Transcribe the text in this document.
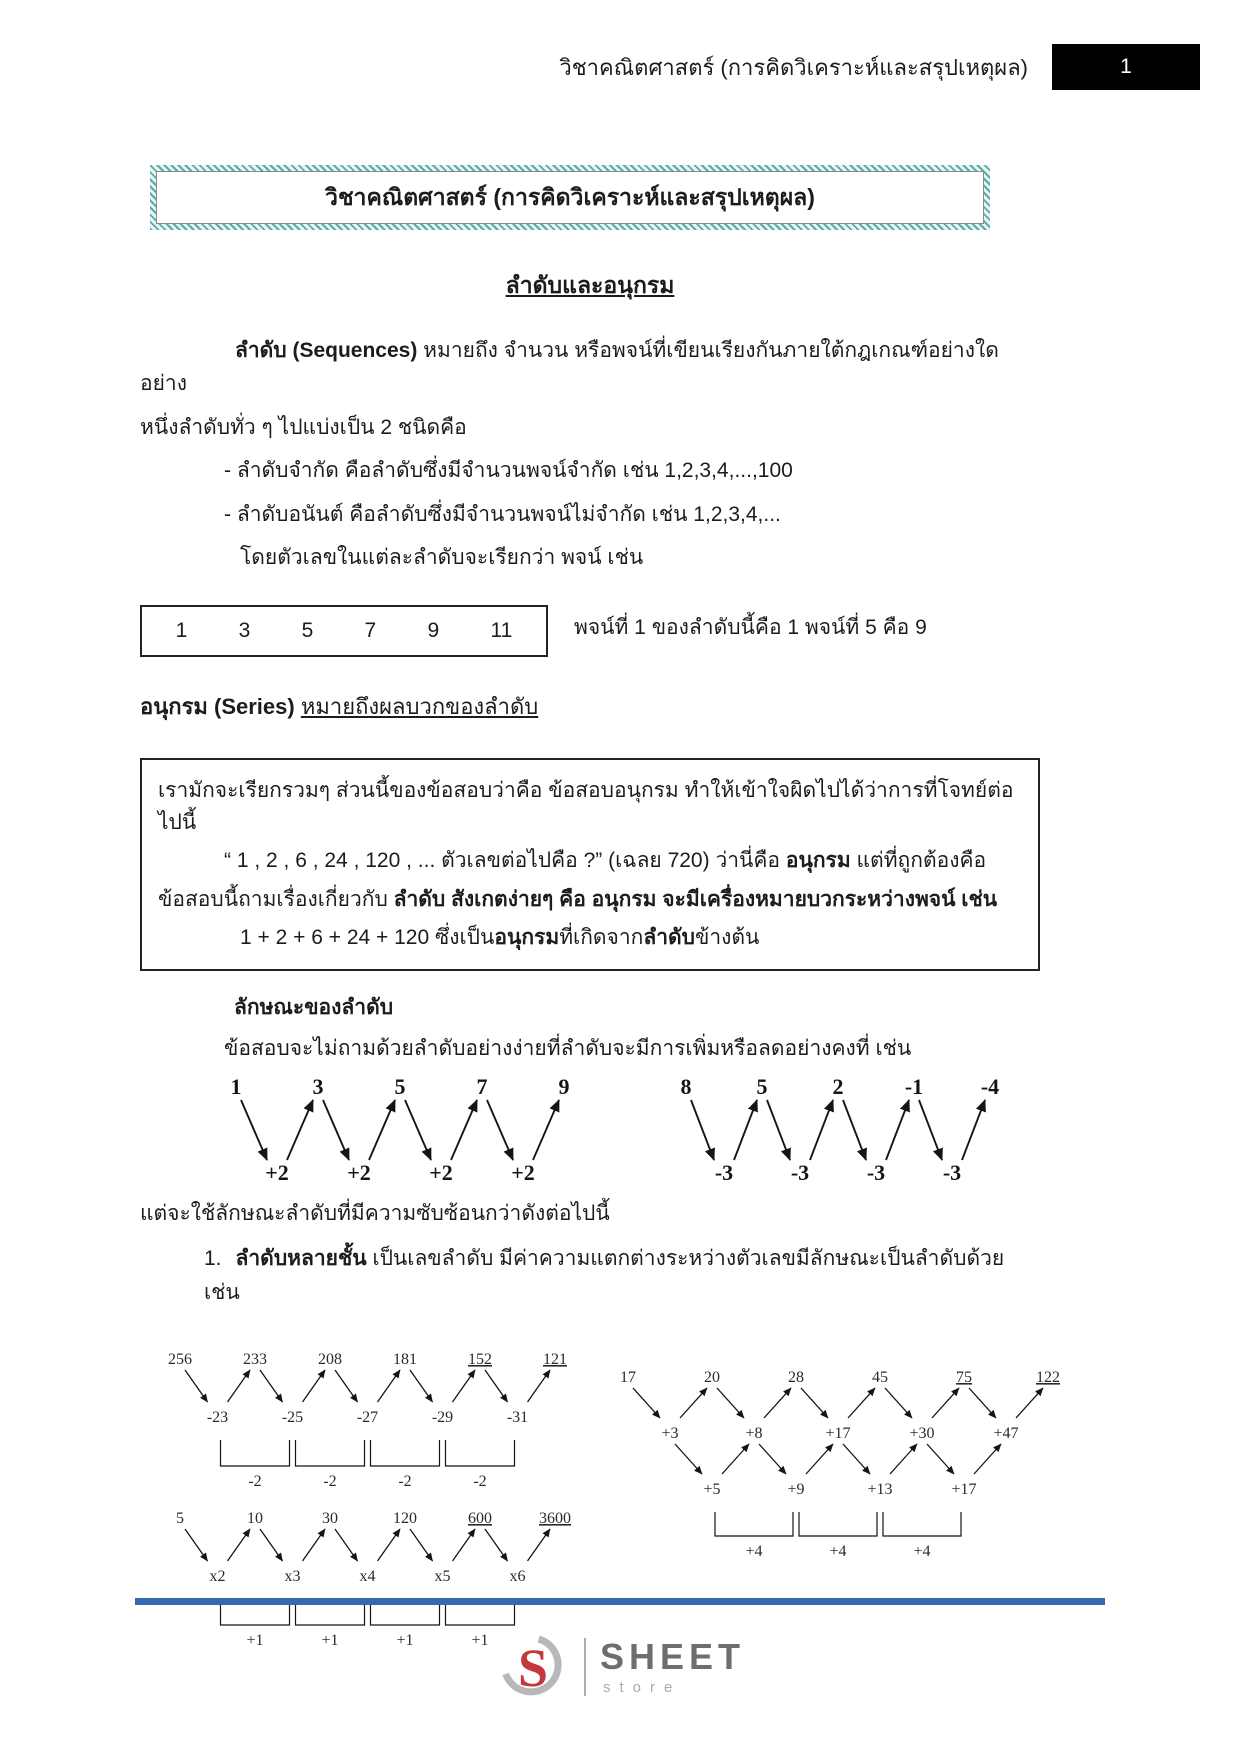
วิชาคณิตศาสตร์ (การคิดวิเคราะห์และสรุปเหตุผล)	1
วิชาคณิตศาสตร์ (การคิดวิเคราะห์และสรุปเหตุผล)
ลำดับและอนุกรม
ลำดับ (Sequences) หมายถึง จำนวน หรือพจน์ที่เขียนเรียงกันภายใต้กฎเกณฑ์อย่างใดอย่าง
หนึ่งลำดับทั่ว ๆ ไปแบ่งเป็น 2 ชนิดคือ
- ลำดับจำกัด คือลำดับซึ่งมีจำนวนพจน์จำกัด เช่น 1,2,3,4,...,100
- ลำดับอนันต์ คือลำดับซึ่งมีจำนวนพจน์ไม่จำกัด เช่น 1,2,3,4,...
โดยตัวเลขในแต่ละลำดับจะเรียกว่า พจน์ เช่น
1 3 5 7 9 11	พจน์ที่ 1 ของลำดับนี้คือ 1 พจน์ที่ 5 คือ 9
อนุกรม (Series) หมายถึงผลบวกของลำดับ
เรามักจะเรียกรวมๆ ส่วนนี้ของข้อสอบว่าคือ ข้อสอบอนุกรม ทำให้เข้าใจผิดไปได้ว่าการที่โจทย์ต่อไปนี้
“ 1 , 2 , 6 , 24 , 120 , ... ตัวเลขต่อไปคือ ?” (เฉลย 720) ว่านี่คือ อนุกรม แต่ที่ถูกต้องคือ
ข้อสอบนี้ถามเรื่องเกี่ยวกับ ลำดับ สังเกตง่ายๆ คือ อนุกรม จะมีเครื่องหมายบวกระหว่างพจน์ เช่น
1 + 2 + 6 + 24 + 120 ซึ่งเป็นอนุกรมที่เกิดจากลำดับข้างต้น
ลักษณะของลำดับ
ข้อสอบจะไม่ถามด้วยลำดับอย่างง่ายที่ลำดับจะมีการเพิ่มหรือลดอย่างคงที่ เช่น
1	3	5	7	9
+2	+2	+2	+2
8	5	2	-1	-4
-3	-3	-3	-3
แต่จะใช้ลักษณะลำดับที่มีความซับซ้อนกว่าดังต่อไปนี้
1. ลำดับหลายชั้น เป็นเลขลำดับ มีค่าความแตกต่างระหว่างตัวเลขมีลักษณะเป็นลำดับด้วย เช่น
256	233	208	181	152	121
-23	-25	-27	-29	-31
-2	-2	-2	-2
5	10	30	120	600	3600
x2	x3	x4	x5	x6
+1	+1	+1	+1
17	20	28	45	75	122
+3	+8	+17	+30	+47
+5	+9	+13	+17
+4	+4	+4
S SHEET
store
